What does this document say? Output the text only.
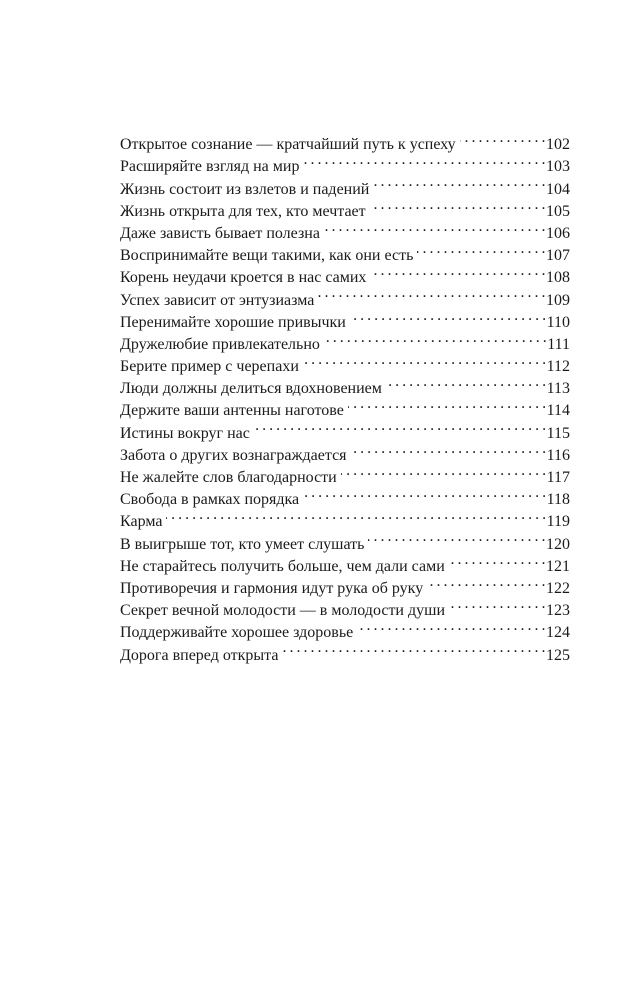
Открытое сознание — кратчайший путь к успеху . . .	102
Расширяйте взгляд на мир . . .	103
Жизнь состоит из взлетов и падений . . .	104
Жизнь открыта для тех, кто мечтает . . .	105
Даже зависть бывает полезна . . .	106
Воспринимайте вещи такими, как они есть . . .	107
Корень неудачи кроется в нас самих . . .	108
Успех зависит от энтузиазма . . .	109
Перенимайте хорошие привычки . . .	110
Дружелюбие привлекательно . . .	111
Берите пример с черепахи . . .	112
Люди должны делиться вдохновением . . .	113
Держите ваши антенны наготове . . .	114
Истины вокруг нас . . .	115
Забота о других вознаграждается . . .	116
Не жалейте слов благодарности . . .	117
Свобода в рамках порядка . . .	118
Карма . . .	119
В выигрыше тот, кто умеет слушать . . .	120
Не старайтесь получить больше, чем дали сами . . .	121
Противоречия и гармония идут рука об руку . . .	122
Секрет вечной молодости — в молодости души . . .	123
Поддерживайте хорошее здоровье . . .	124
Дорога вперед открыта . . .	125
